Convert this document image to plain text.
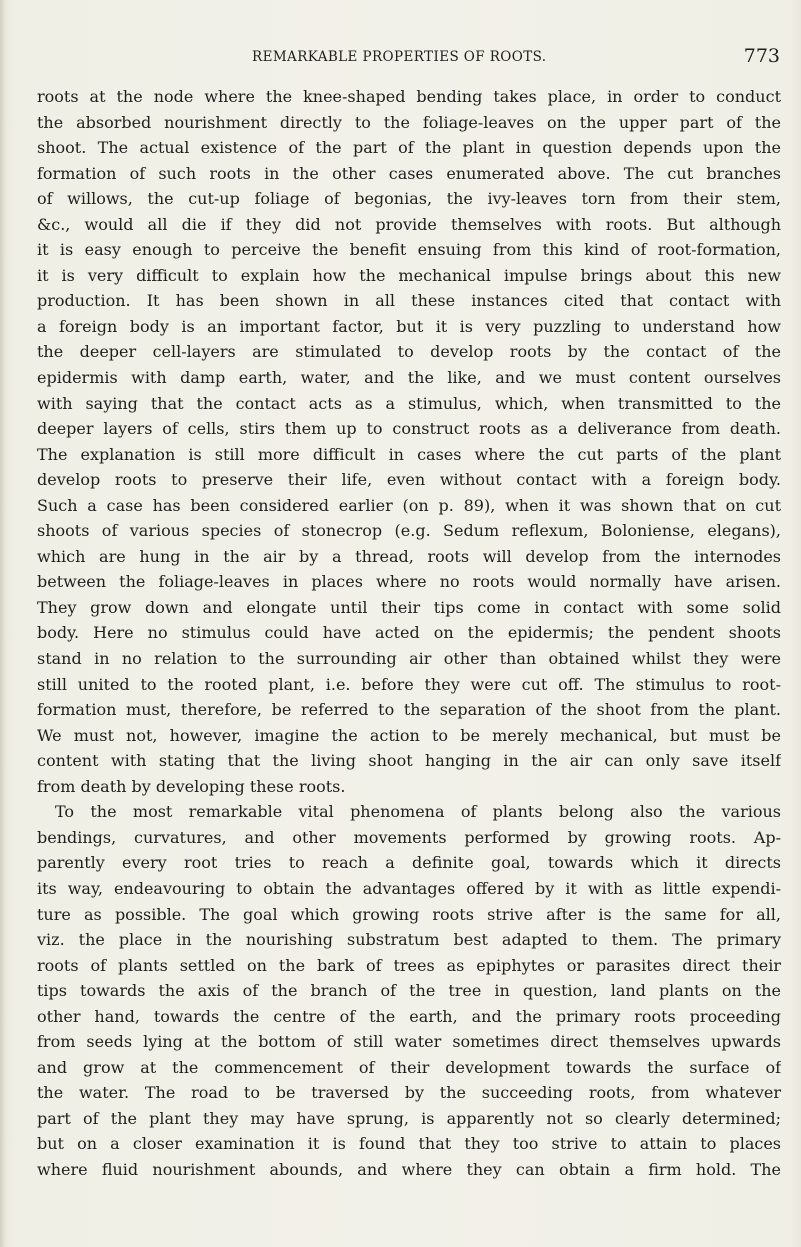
REMARKABLE PROPERTIES OF ROOTS.	773
roots at the node where the knee-shaped bending takes place, in order to conduct
the absorbed nourishment directly to the foliage-leaves on the upper part of the
shoot. The actual existence of the part of the plant in question depends upon the
formation of such roots in the other cases enumerated above. The cut branches
of willows, the cut-up foliage of begonias, the ivy-leaves torn from their stem,
&c., would all die if they did not provide themselves with roots. But although
it is easy enough to perceive the benefit ensuing from this kind of root-formation,
it is very difficult to explain how the mechanical impulse brings about this new
production. It has been shown in all these instances cited that contact with
a foreign body is an important factor, but it is very puzzling to understand how
the deeper cell-layers are stimulated to develop roots by the contact of the
epidermis with damp earth, water, and the like, and we must content ourselves
with saying that the contact acts as a stimulus, which, when transmitted to the
deeper layers of cells, stirs them up to construct roots as a deliverance from death.
The explanation is still more difficult in cases where the cut parts of the plant
develop roots to preserve their life, even without contact with a foreign body.
Such a case has been considered earlier (on p. 89), when it was shown that on cut
shoots of various species of stonecrop (e.g. Sedum reflexum, Boloniense, elegans),
which are hung in the air by a thread, roots will develop from the internodes
between the foliage-leaves in places where no roots would normally have arisen.
They grow down and elongate until their tips come in contact with some solid
body. Here no stimulus could have acted on the epidermis; the pendent shoots
stand in no relation to the surrounding air other than obtained whilst they were
still united to the rooted plant, i.e. before they were cut off. The stimulus to root-
formation must, therefore, be referred to the separation of the shoot from the plant.
We must not, however, imagine the action to be merely mechanical, but must be
content with stating that the living shoot hanging in the air can only save itself
from death by developing these roots.
To the most remarkable vital phenomena of plants belong also the various
bendings, curvatures, and other movements performed by growing roots. Ap-
parently every root tries to reach a definite goal, towards which it directs
its way, endeavouring to obtain the advantages offered by it with as little expendi-
ture as possible. The goal which growing roots strive after is the same for all,
viz. the place in the nourishing substratum best adapted to them. The primary
roots of plants settled on the bark of trees as epiphytes or parasites direct their
tips towards the axis of the branch of the tree in question, land plants on the
other hand, towards the centre of the earth, and the primary roots proceeding
from seeds lying at the bottom of still water sometimes direct themselves upwards
and grow at the commencement of their development towards the surface of
the water. The road to be traversed by the succeeding roots, from whatever
part of the plant they may have sprung, is apparently not so clearly determined;
but on a closer examination it is found that they too strive to attain to places
where fluid nourishment abounds, and where they can obtain a firm hold. The
